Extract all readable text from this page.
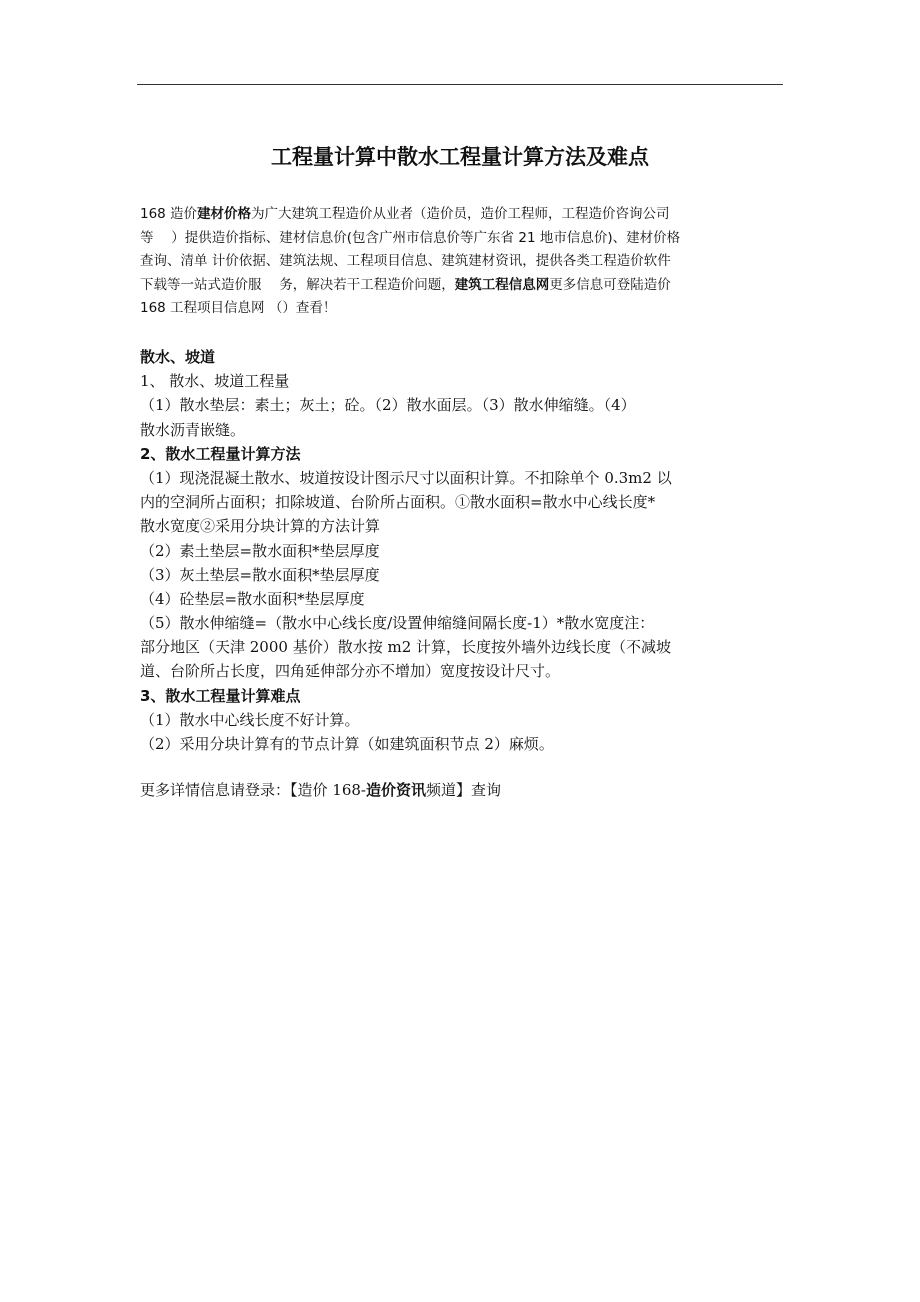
工程量计算中散水工程量计算方法及难点
168 造价建材价格为广大建筑工程造价从业者（造价员，造价工程师，工程造价咨询公司
等　 ）提供造价指标、建材信息价(包含广州市信息价等广东省 21 地市信息价)、建材价格
查询、清单 计价依据、建筑法规、工程项目信息、建筑建材资讯，提供各类工程造价软件
下载等一站式造价服　 务，解决若干工程造价问题，建筑工程信息网更多信息可登陆造价
168 工程项目信息网 （）查看！
散水、坡道
1、 散水、坡道工程量
（1）散水垫层：素土；灰土；砼。（2）散水面层。（3）散水伸缩缝。（4）
散水沥青嵌缝。
2、散水工程量计算方法
（1）现浇混凝土散水、坡道按设计图示尺寸以面积计算。不扣除单个 0.3m2 以
内的空洞所占面积；扣除坡道、台阶所占面积。①散水面积=散水中心线长度*
散水宽度②采用分块计算的方法计算
（2）素土垫层=散水面积*垫层厚度
（3）灰土垫层=散水面积*垫层厚度
（4）砼垫层=散水面积*垫层厚度
（5）散水伸缩缝=（散水中心线长度/设置伸缩缝间隔长度-1）*散水宽度注：
部分地区（天津 2000 基价）散水按 m2 计算，长度按外墙外边线长度（不减坡
道、台阶所占长度，四角延伸部分亦不增加）宽度按设计尺寸。
3、散水工程量计算难点
（1）散水中心线长度不好计算。
（2）采用分块计算有的节点计算（如建筑面积节点 2）麻烦。
更多详情信息请登录：【造价 168-造价资讯频道】查询
